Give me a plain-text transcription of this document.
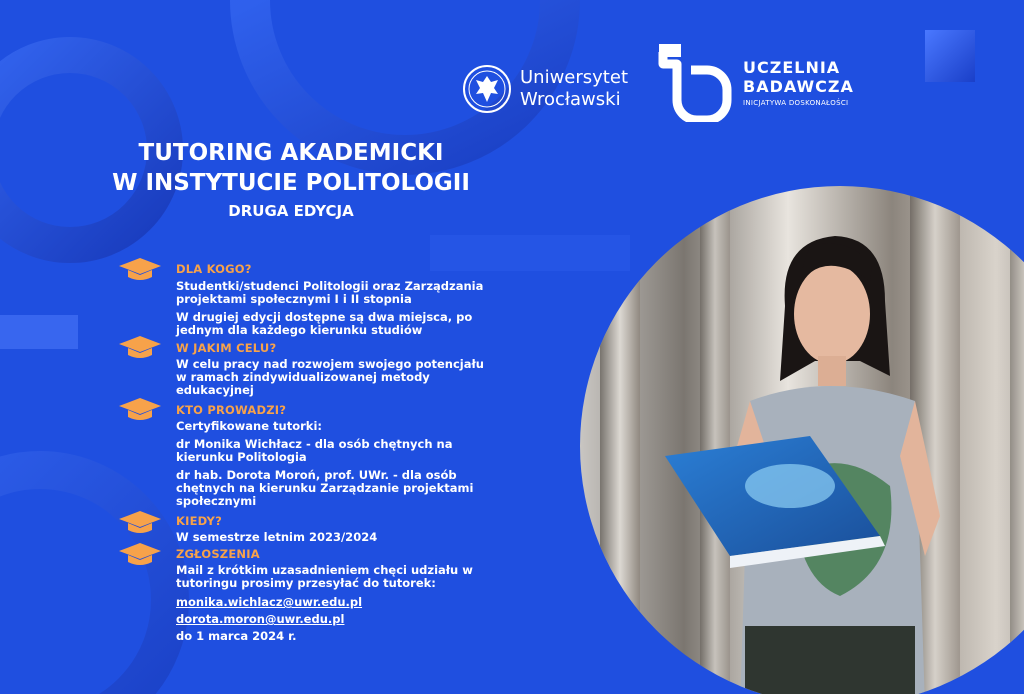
Uniwersytet
Wrocławski
UCZELNIA
BADAWCZA
INICJATYWA DOSKONAŁOŚCI
TUTORING AKADEMICKI
W INSTYTUCIE POLITOLOGII
DRUGA EDYCJA
DLA KOGO?
Studentki/studenci Politologii oraz Zarządzania
projektami społecznymi I i II stopnia
W drugiej edycji dostępne są dwa miejsca, po
jednym dla każdego kierunku studiów
W JAKIM CELU?
W celu pracy nad rozwojem swojego potencjału
w ramach zindywidualizowanej metody
edukacyjnej
KTO PROWADZI?
Certyfikowane tutorki:
dr Monika Wichłacz - dla osób chętnych na
kierunku Politologia
dr hab. Dorota Moroń, prof. UWr. - dla osób
chętnych na kierunku Zarządzanie projektami
społecznymi
KIEDY?
W semestrze letnim 2023/2024
ZGŁOSZENIA
Mail z krótkim uzasadnieniem chęci udziału w
tutoringu prosimy przesyłać do tutorek:
monika.wichlacz@uwr.edu.pl
dorota.moron@uwr.edu.pl
do 1 marca 2024 r.
